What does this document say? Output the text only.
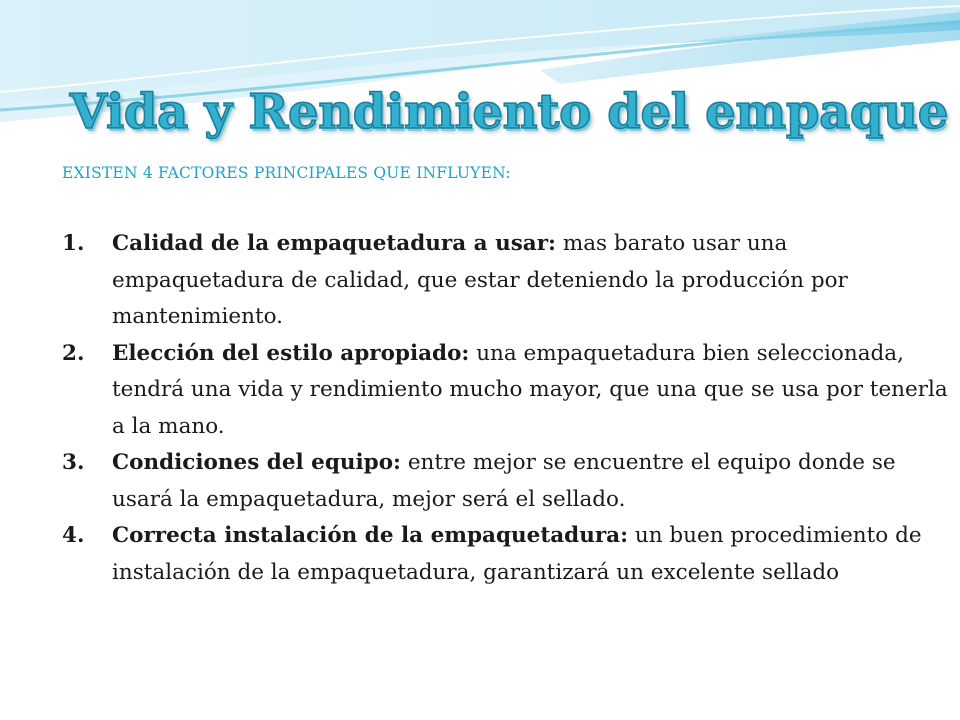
Vida y Rendimiento del empaque
EXISTEN 4 FACTORES PRINCIPALES QUE INFLUYEN:
1. Calidad de la empaquetadura a usar: mas barato usar una empaquetadura de calidad, que estar deteniendo la producción por mantenimiento.
2. Elección del estilo apropiado: una empaquetadura bien seleccionada, tendrá una vida y rendimiento mucho mayor, que una que se usa por tenerla a la mano.
3. Condiciones del equipo: entre mejor se encuentre el equipo donde se usará la empaquetadura, mejor será el sellado.
4. Correcta instalación de la empaquetadura: un buen procedimiento de instalación de la empaquetadura, garantizará un excelente sellado
